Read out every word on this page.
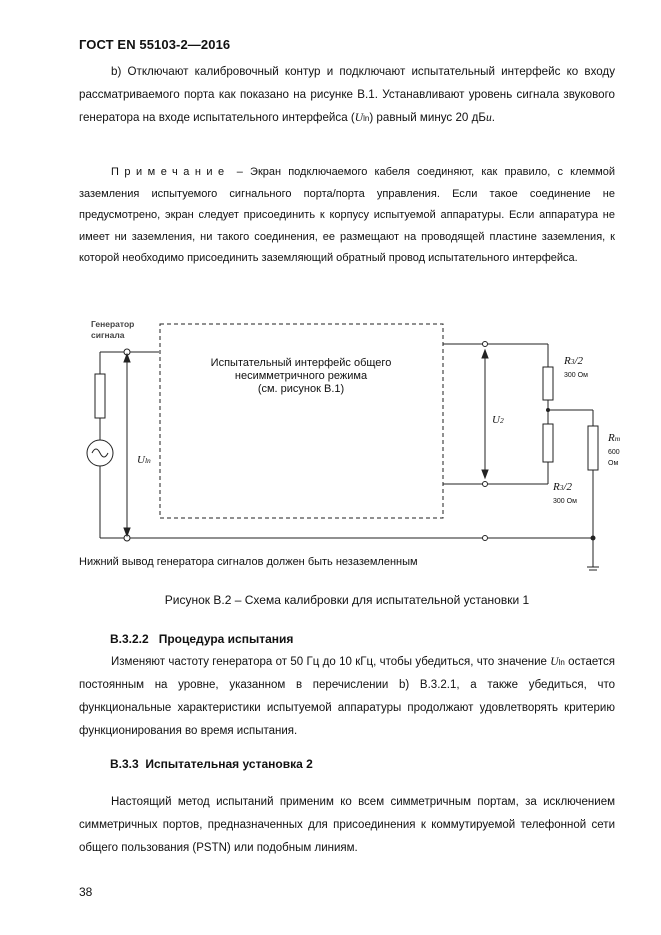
ГОСТ EN 55103-2—2016
b) Отключают калибровочный контур и подключают испытательный интерфейс ко входу рассматриваемого порта как показано на рисунке B.1. Устанавливают уровень сигнала звукового генератора на входе испытательного интерфейса (Uln) равный минус 20 дБu.
Примечание – Экран подключаемого кабеля соединяют, как правило, с клеммой заземления испытуемого сигнального порта/порта управления. Если такое соединение не предусмотрено, экран следует присоединить к корпусу испытуемой аппаратуры. Если аппаратура не имеет ни заземления, ни такого соединения, ее размещают на проводящей пластине заземления, к которой необходимо присоединить заземляющий обратный провод испытательного интерфейса.
Генератор
сигнала
Испытательный интерфейс общего
несимметричного режима
(см. рисунок B.1)
Uln
U2
R3/2
300 Ом
R3/2
300 Ом
Rm
600 Ом
Нижний вывод генератора сигналов должен быть незаземленным
Рисунок B.2 – Схема калибровки для испытательной установки 1
B.3.2.2 Процедура испытания
Изменяют частоту генератора от 50 Гц до 10 кГц, чтобы убедиться, что значение Uln остается постоянным на уровне, указанном в перечислении b) B.3.2.1, а также убедиться, что функциональные характеристики испытуемой аппаратуры продолжают удовлетворять критерию функционирования во время испытания.
B.3.3 Испытательная установка 2
Настоящий метод испытаний применим ко всем симметричным портам, за исключением симметричных портов, предназначенных для присоединения к коммутируемой телефонной сети общего пользования (PSTN) или подобным линиям.
38
